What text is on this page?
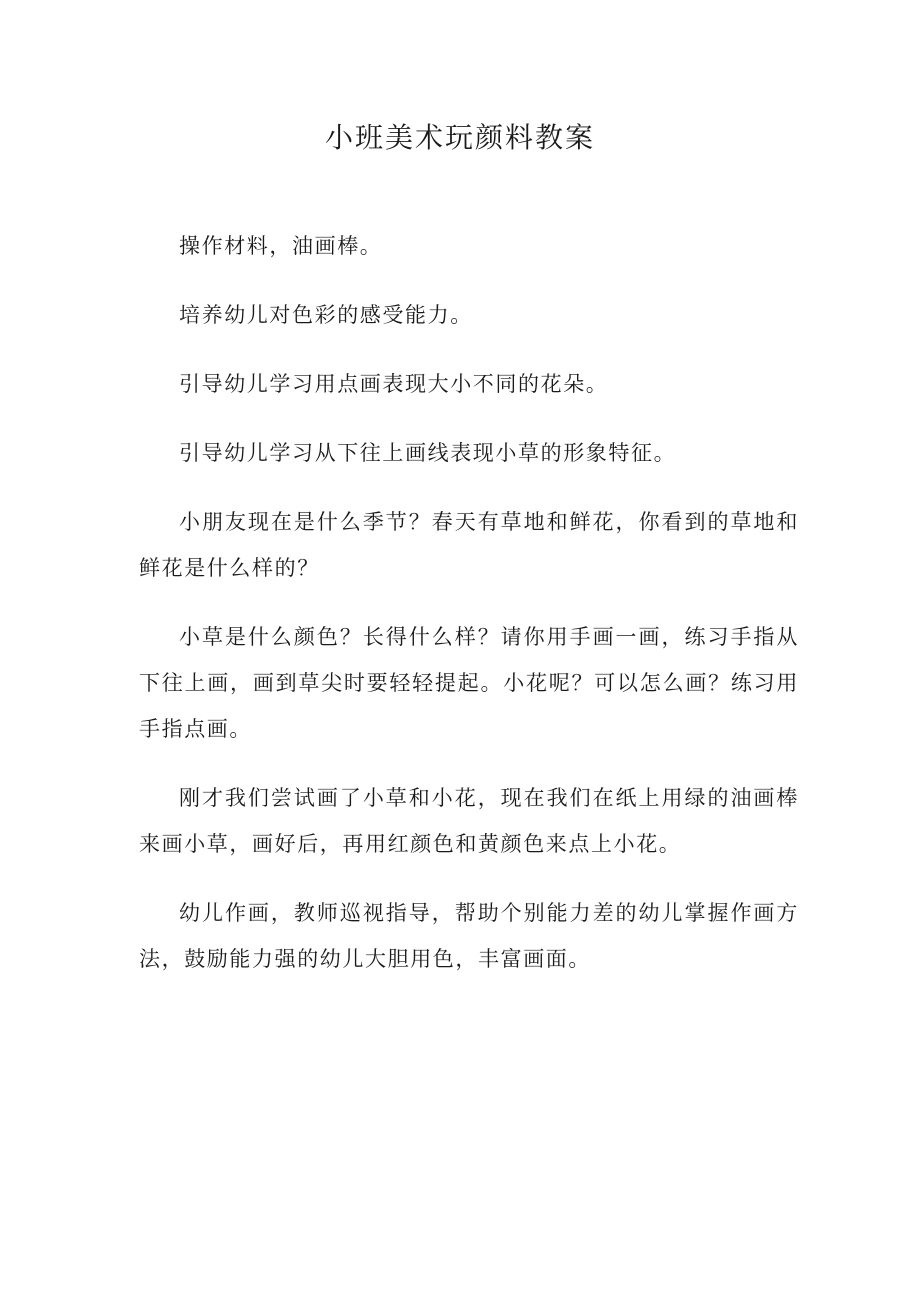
小班美术玩颜料教案

操作材料，油画棒。

培养幼儿对色彩的感受能力。

引导幼儿学习用点画表现大小不同的花朵。

引导幼儿学习从下往上画线表现小草的形象特征。

小朋友现在是什么季节？春天有草地和鲜花，你看到的草地和鲜花是什么样的？

小草是什么颜色？长得什么样？请你用手画一画，练习手指从下往上画，画到草尖时要轻轻提起。小花呢？可以怎么画？练习用手指点画。

刚才我们尝试画了小草和小花，现在我们在纸上用绿的油画棒来画小草，画好后，再用红颜色和黄颜色来点上小花。

幼儿作画，教师巡视指导，帮助个别能力差的幼儿掌握作画方法，鼓励能力强的幼儿大胆用色，丰富画面。
